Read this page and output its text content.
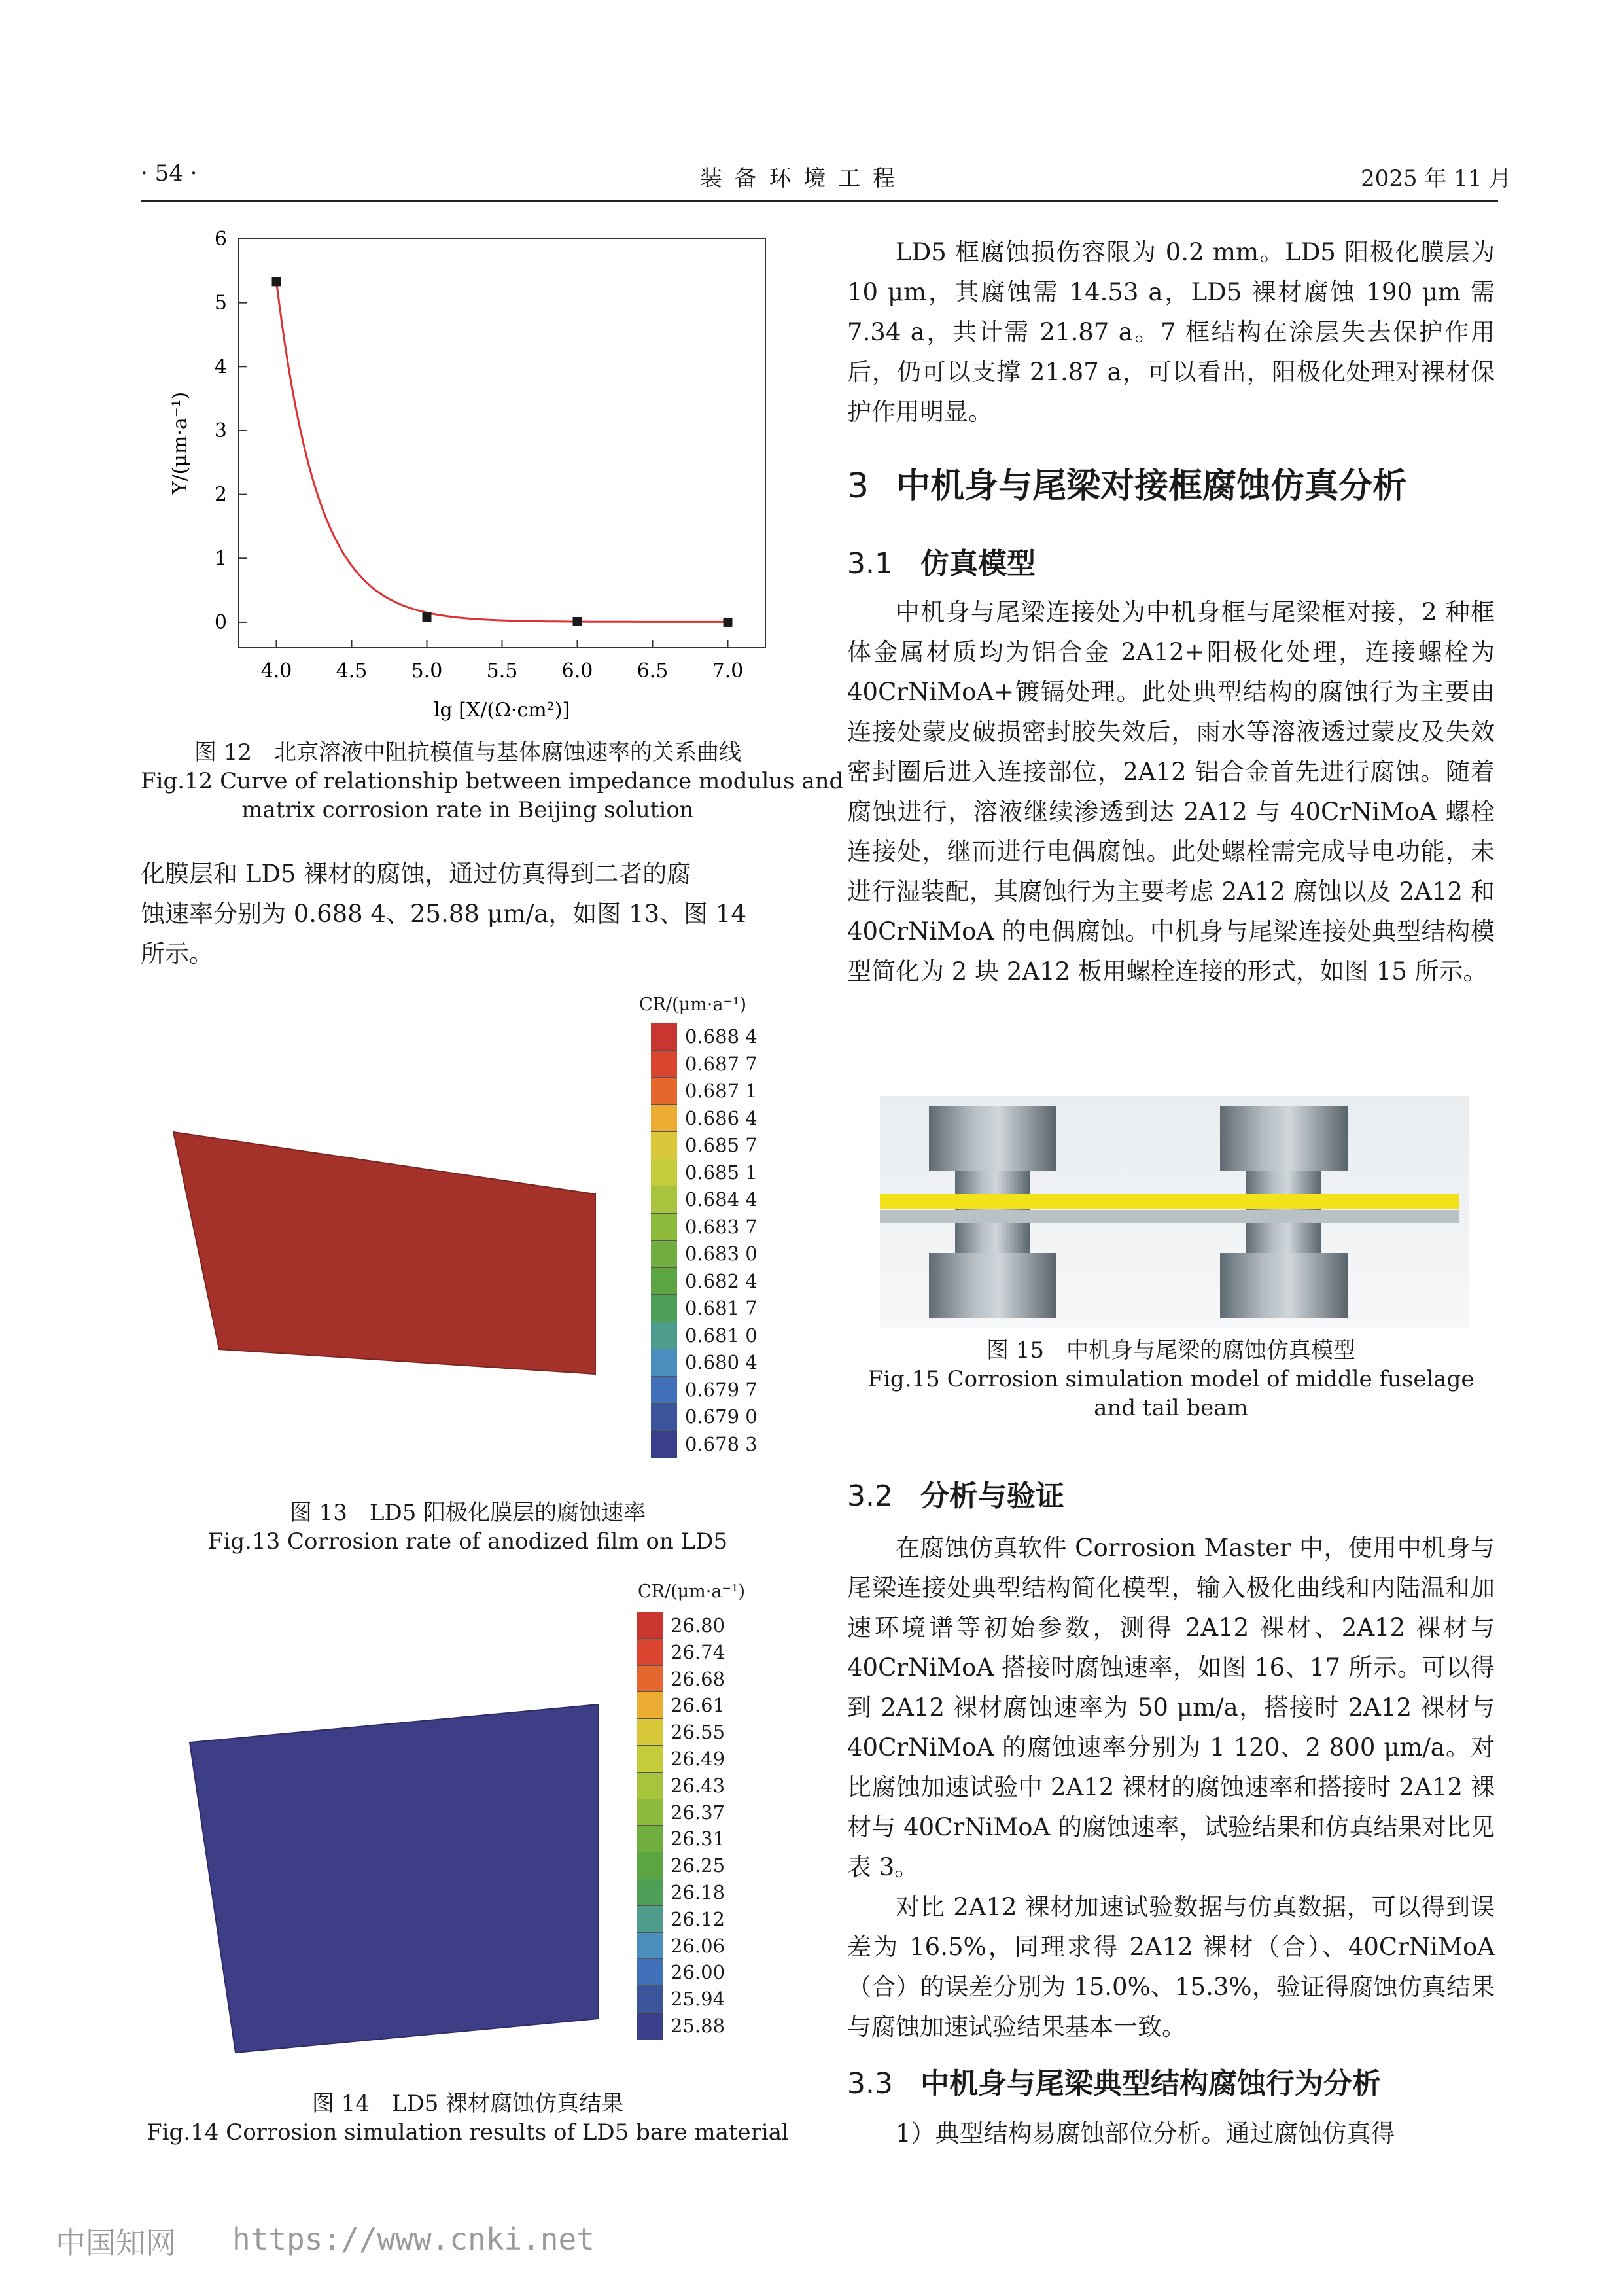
· 54 ·	装 备 环 境 工 程	2025 年 11 月
0
1
2
3
4
5
6
4.0 4.5 5.0 5.5 6.0 6.5 7.0
Y/(μm·a⁻¹)
lg [X/(Ω·cm²)]
图 12　北京溶液中阻抗模值与基体腐蚀速率的关系曲线
Fig.12 Curve of relationship between impedance modulus and
matrix corrosion rate in Beijing solution
化膜层和 LD5 裸材的腐蚀，通过仿真得到二者的腐
蚀速率分别为 0.688 4、25.88 μm/a，如图 13、图 14
所示。
CR/(μm·a⁻¹)
0.688 4
0.687 7
0.687 1
0.686 4
0.685 7
0.685 1
0.684 4
0.683 7
0.683 0
0.682 4
0.681 7
0.681 0
0.680 4
0.679 7
0.679 0
0.678 3
图 13　LD5 阳极化膜层的腐蚀速率
Fig.13 Corrosion rate of anodized film on LD5
CR/(μm·a⁻¹)
26.80
26.74
26.68
26.61
26.55
26.49
26.43
26.37
26.31
26.25
26.18
26.12
26.06
26.00
25.94
25.88
图 14　LD5 裸材腐蚀仿真结果
Fig.14 Corrosion simulation results of LD5 bare material
LD5 框腐蚀损伤容限为 0.2 mm。LD5 阳极化膜层为 10 μm，其腐蚀需 14.53 a，LD5 裸材腐蚀 190 μm 需 7.34 a，共计需 21.87 a。7 框结构在涂层失去保护作用后，仍可以支撑 21.87 a，可以看出，阳极化处理对裸材保护作用明显。
3 中机身与尾梁对接框腐蚀仿真分析
3.1 仿真模型
中机身与尾梁连接处为中机身框与尾梁框对接，2 种框体金属材质均为铝合金 2A12+阳极化处理，连接螺栓为 40CrNiMoA+镀镉处理。此处典型结构的腐蚀行为主要由连接处蒙皮破损密封胶失效后，雨水等溶液透过蒙皮及失效密封圈后进入连接部位，2A12 铝合金首先进行腐蚀。随着腐蚀进行，溶液继续渗透到达 2A12 与 40CrNiMoA 螺栓连接处，继而进行电偶腐蚀。此处螺栓需完成导电功能，未进行湿装配，其腐蚀行为主要考虑 2A12 腐蚀以及 2A12 和 40CrNiMoA 的电偶腐蚀。中机身与尾梁连接处典型结构模型简化为 2 块 2A12 板用螺栓连接的形式，如图 15 所示。
图 15　中机身与尾梁的腐蚀仿真模型
Fig.15 Corrosion simulation model of middle fuselage
and tail beam
3.2 分析与验证

在腐蚀仿真软件 Corrosion Master 中，使用中机身与尾梁连接处典型结构简化模型，输入极化曲线和内陆温和加速环境谱等初始参数，测得 2A12 裸材、2A12 裸材与 40CrNiMoA 搭接时腐蚀速率，如图 16、17 所示。可以得到 2A12 裸材腐蚀速率为 50 μm/a，搭接时 2A12 裸材与 40CrNiMoA 的腐蚀速率分别为 1 120、2 800 μm/a。对比腐蚀加速试验中 2A12 裸材的腐蚀速率和搭接时 2A12 裸材与 40CrNiMoA 的腐蚀速率，试验结果和仿真结果对比见表 3。

对比 2A12 裸材加速试验数据与仿真数据，可以得到误差为 16.5%，同理求得 2A12 裸材（合）、40CrNiMoA（合）的误差分别为 15.0%、15.3%，验证得腐蚀仿真结果与腐蚀加速试验结果基本一致。

3.3 中机身与尾梁典型结构腐蚀行为分析
1）典型结构易腐蚀部位分析。通过腐蚀仿真得
中国知网 https://www.cnki.net
